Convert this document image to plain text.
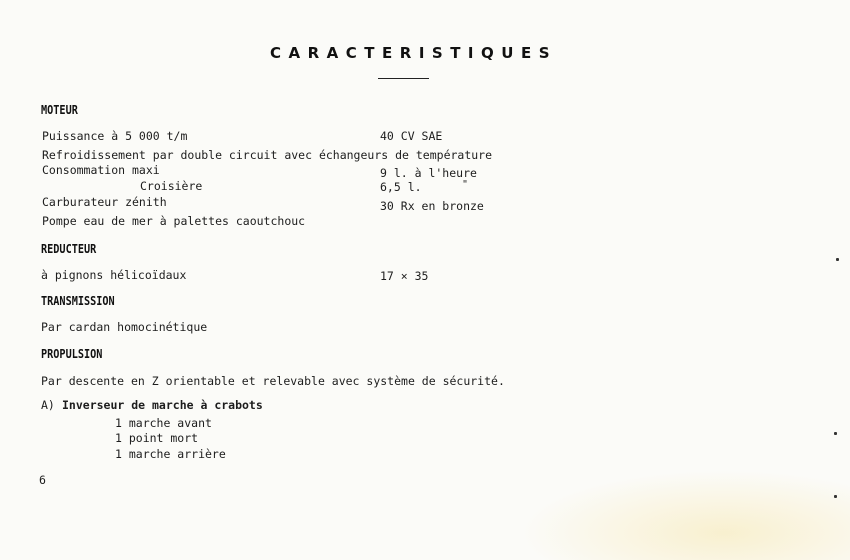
CARACTERISTIQUES
MOTEUR
Puissance à 5 000 t/m	40 CV SAE
Refroidissement par double circuit avec échangeurs de température
Consommation maxi	9 l. à l'heure
Croisière	6,5 l.	"
Carburateur zénith	30 Rx en bronze
Pompe eau de mer à palettes caoutchouc
REDUCTEUR
à pignons hélicoïdaux	17 × 35
TRANSMISSION
Par cardan homocinétique
PROPULSION
Par descente en Z orientable et relevable avec système de sécurité.
A) Inverseur de marche à crabots
1 marche avant
1 point mort
1 marche arrière
6
